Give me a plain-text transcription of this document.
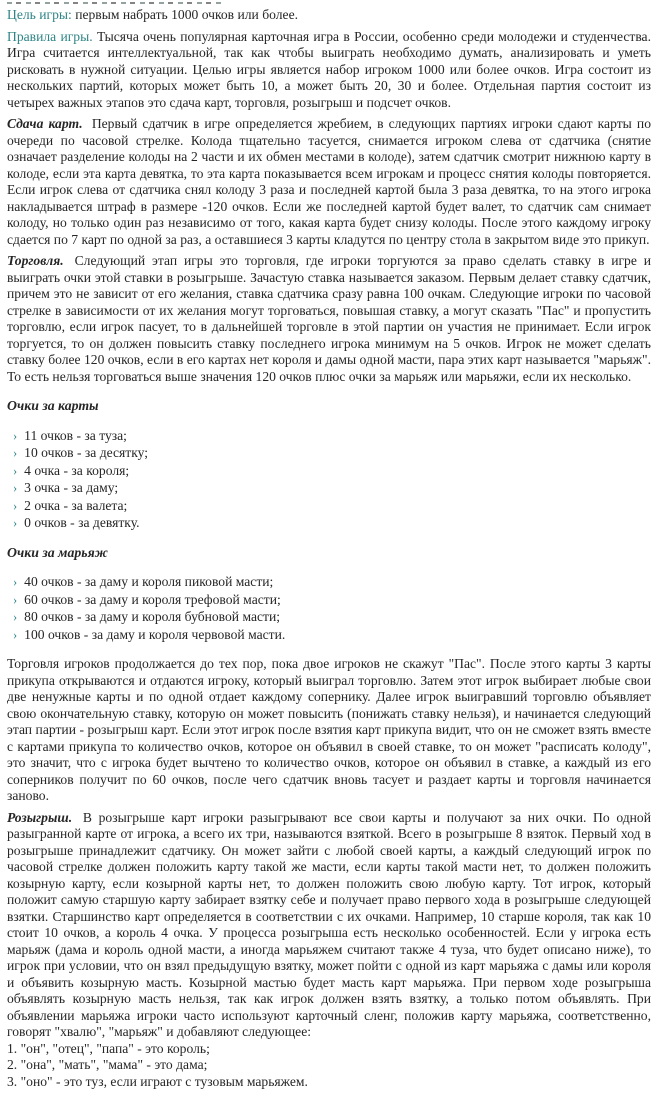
Цель игры: первым набрать 1000 очков или более.

Правила игры. Тысяча очень популярная карточная игра в России, особенно среди молодежи и студенчества. Игра считается интеллектуальной, так как чтобы выиграть необходимо думать, анализировать и уметь рисковать в нужной ситуации. Целью игры является набор игроком 1000 или более очков. Игра состоит из нескольких партий, которых может быть 10, а может быть 20, 30 и более. Отдельная партия состоит из четырех важных этапов это сдача карт, торговля, розыгрыш и подсчет очков.

Сдача карт. Первый сдатчик в игре определяется жребием, в следующих партиях игроки сдают карты по очереди по часовой стрелке. Колода тщательно тасуется, снимается игроком слева от сдатчика (снятие означает разделение колоды на 2 части и их обмен местами в колоде), затем сдатчик смотрит нижнюю карту в колоде, если эта карта девятка, то эта карта показывается всем игрокам и процесс снятия колоды повторяется. Если игрок слева от сдатчика снял колоду 3 раза и последней картой была 3 раза девятка, то на этого игрока накладывается штраф в размере -120 очков. Если же последней картой будет валет, то сдатчик сам снимает колоду, но только один раз независимо от того, какая карта будет снизу колоды. После этого каждому игроку сдается по 7 карт по одной за раз, а оставшиеся 3 карты кладутся по центру стола в закрытом виде это прикуп.

Торговля. Следующий этап игры это торговля, где игроки торгуются за право сделать ставку в игре и выиграть очки этой ставки в розыгрыше. Зачастую ставка называется заказом. Первым делает ставку сдатчик, причем это не зависит от его желания, ставка сдатчика сразу равна 100 очкам. Следующие игроки по часовой стрелке в зависимости от их желания могут торговаться, повышая ставку, а могут сказать "Пас" и пропустить торговлю, если игрок пасует, то в дальнейшей торговле в этой партии он участия не принимает. Если игрок торгуется, то он должен повысить ставку последнего игрока минимум на 5 очков. Игрок не может сделать ставку более 120 очков, если в его картах нет короля и дамы одной масти, пара этих карт называется "марьяж". То есть нельзя торговаться выше значения 120 очков плюс очки за марьяж или марьяжи, если их несколько.

Очки за карты
› 11 очков - за туза;
› 10 очков - за десятку;
› 4 очка - за короля;
› 3 очка - за даму;
› 2 очка - за валета;
› 0 очков - за девятку.
Очки за марьяж
› 40 очков - за даму и короля пиковой масти;
› 60 очков - за даму и короля трефовой масти;
› 80 очков - за даму и короля бубновой масти;
› 100 очков - за даму и короля червовой масти.

Торговля игроков продолжается до тех пор, пока двое игроков не скажут "Пас". После этого карты 3 карты прикупа открываются и отдаются игроку, который выиграл торговлю. Затем этот игрок выбирает любые свои две ненужные карты и по одной отдает каждому сопернику. Далее игрок выигравший торговлю объявляет свою окончательную ставку, которую он может повысить (понижать ставку нельзя), и начинается следующий этап партии - розыгрыш карт. Если этот игрок после взятия карт прикупа видит, что он не сможет взять вместе с картами прикупа то количество очков, которое он объявил в своей ставке, то он может "расписать колоду", это значит, что с игрока будет вычтено то количество очков, которое он объявил в ставке, а каждый из его соперников получит по 60 очков, после чего сдатчик вновь тасует и раздает карты и торговля начинается заново.

Розыгрыш. В розыгрыше карт игроки разыгрывают все свои карты и получают за них очки. По одной разыгранной карте от игрока, а всего их три, называются взяткой. Всего в розыгрыше 8 взяток. Первый ход в розыгрыше принадлежит сдатчику. Он может зайти с любой своей карты, а каждый следующий игрок по часовой стрелке должен положить карту такой же масти, если карты такой масти нет, то должен положить козырную карту, если козырной карты нет, то должен положить свою любую карту. Тот игрок, который положит самую старшую карту забирает взятку себе и получает право первого хода в розыгрыше следующей взятки. Старшинство карт определяется в соответствии с их очками. Например, 10 старше короля, так как 10 стоит 10 очков, а король 4 очка. У процесса розыгрыша есть несколько особенностей. Если у игрока есть марьяж (дама и король одной масти, а иногда марьяжем считают также 4 туза, что будет описано ниже), то игрок при условии, что он взял предыдущую взятку, может пойти с одной из карт марьяжа с дамы или короля и объявить козырную масть. Козырной мастью будет масть карт марьяжа. При первом ходе розыгрыша объявлять козырную масть нельзя, так как игрок должен взять взятку, а только потом объявлять. При объявлении марьяжа игроки часто используют карточный сленг, положив карту марьяжа, соответственно, говорят "хвалю", "марьяж" и добавляют следующее:

1. "он", "отец", "папа" - это король;

2. "она", "мать", "мама" - это дама;

3. "оно" - это туз, если играют с тузовым марьяжем.
